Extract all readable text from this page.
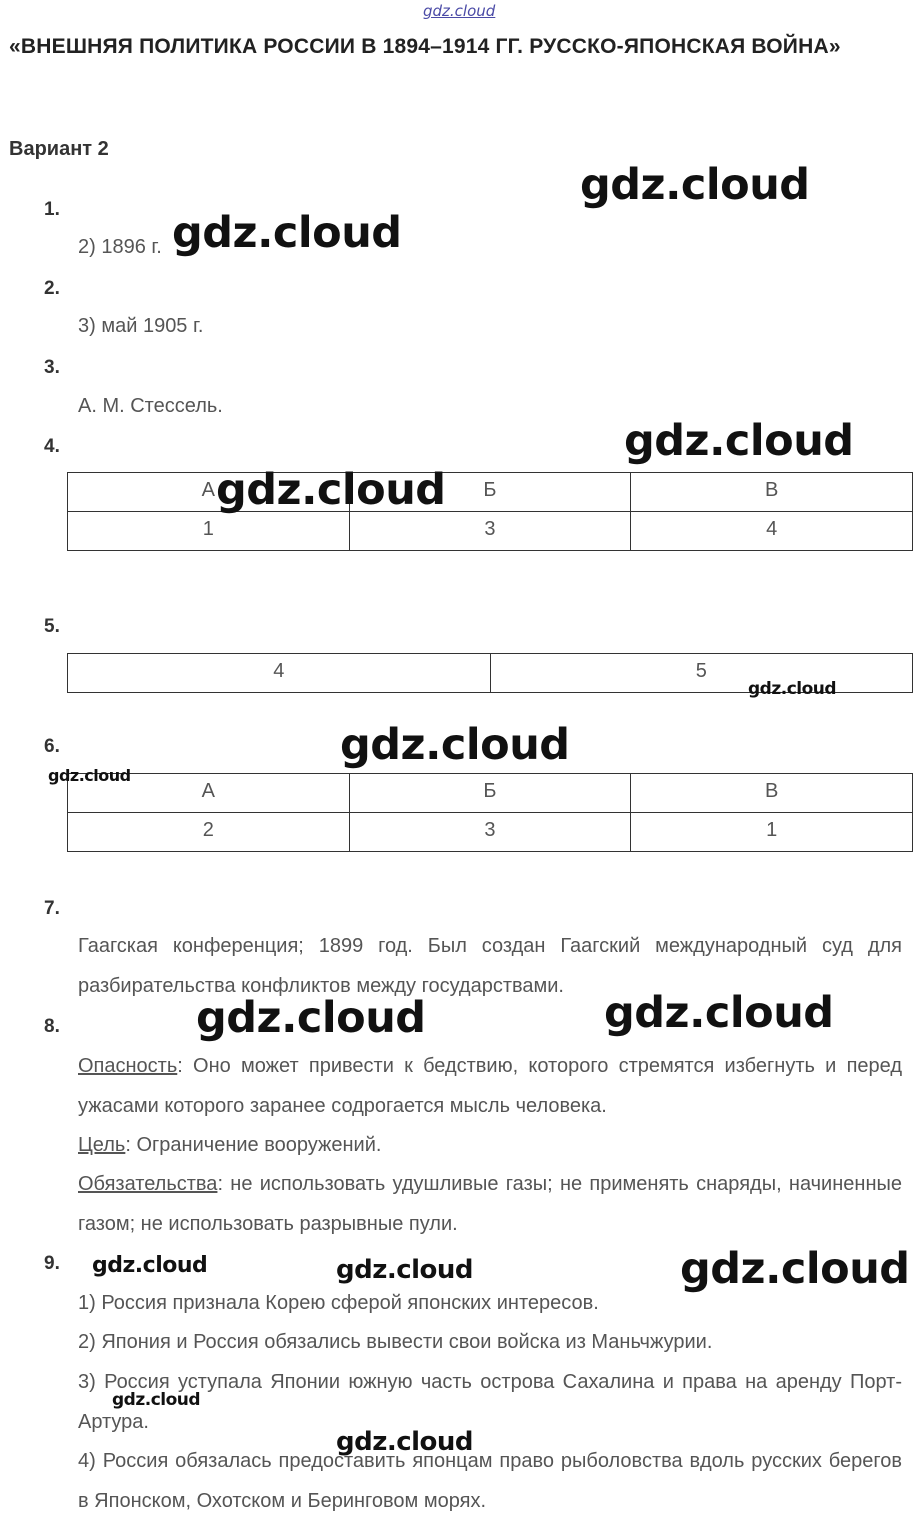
gdz.cloud
«ВНЕШНЯЯ ПОЛИТИКА РОССИИ В 1894–1914 ГГ. РУССКО-ЯПОНСКАЯ ВОЙНА»
Вариант 2
1.
2) 1896 г.
2.
3) май 1905 г.
3.
А. М. Стессель.
4.
А	Б	В
1	3	4
5.
4	5
6.
А	Б	В
2	3	1
7.
Гаагская конференция; 1899 год. Был создан Гаагский международный суд для разбирательства конфликтов между государствами.
8.
Опасность: Оно может привести к бедствию, которого стремятся избегнуть и перед ужасами которого заранее содрогается мысль человека.
Цель: Ограничение вооружений.
Обязательства: не использовать удушливые газы; не применять снаряды, начиненные газом; не использовать разрывные пули.
9.
1) Россия признала Корею сферой японских интересов.
2) Япония и Россия обязались вывести свои войска из Маньчжурии.
3) Россия уступала Японии южную часть острова Сахалина и права на аренду Порт-Артура.
4) Россия обязалась предоставить японцам право рыболовства вдоль русских берегов в Японском, Охотском и Беринговом морях.
gdz.cloud
gdz.cloud
gdz.cloud
gdz.cloud
gdz.cloud
gdz.cloud
gdz.cloud
gdz.cloud	gdz.cloud
gdz.cloud	gdz.cloud	gdz.cloud
gdz.cloud
gdz.cloud
